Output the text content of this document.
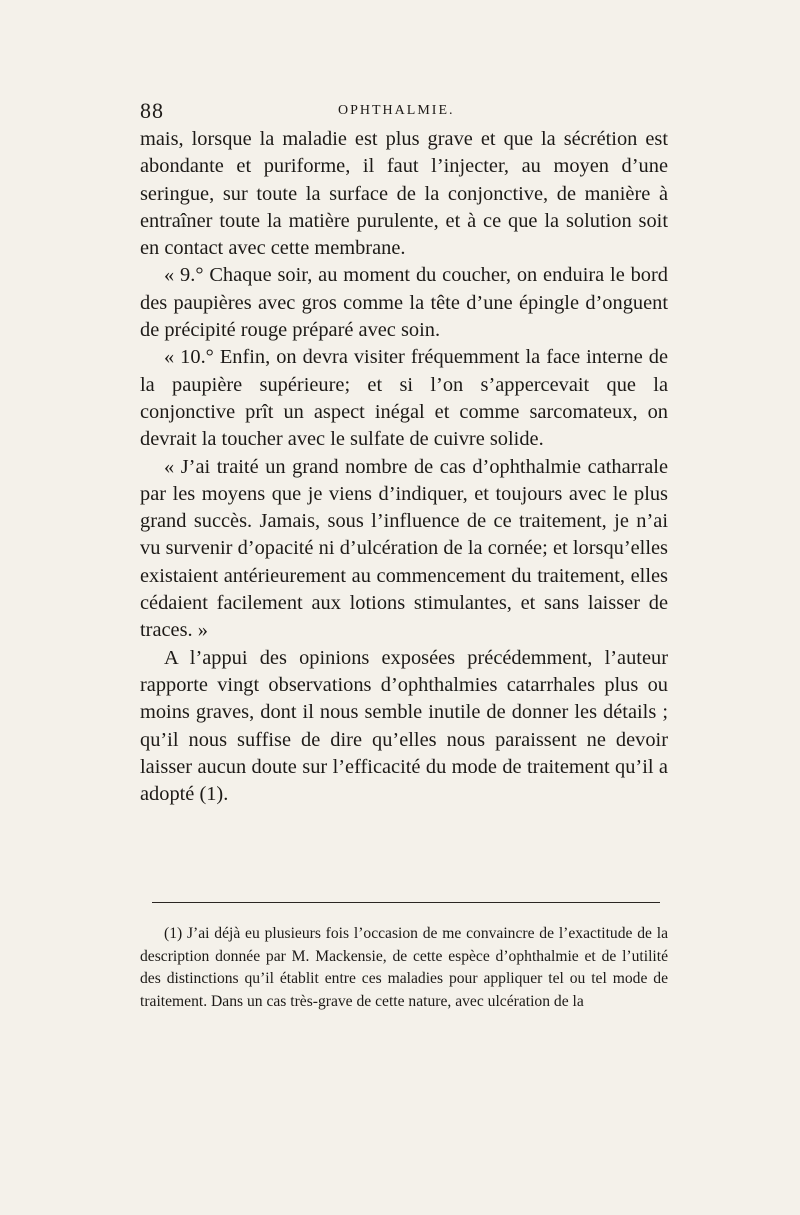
88	OPHTHALMIE.

mais, lorsque la maladie est plus grave et que la sécrétion est abondante et puriforme, il faut l’injecter, au moyen d’une seringue, sur toute la surface de la conjonctive, de manière à entraîner toute la matière purulente, et à ce que la solution soit en contact avec cette membrane.

« 9.° Chaque soir, au moment du coucher, on enduira le bord des paupières avec gros comme la tête d’une épingle d’onguent de précipité rouge préparé avec soin.

« 10.° Enfin, on devra visiter fréquemment la face interne de la paupière supérieure; et si l’on s’appercevait que la conjonctive prît un aspect inégal et comme sarcomateux, on devrait la toucher avec le sulfate de cuivre solide.

« J’ai traité un grand nombre de cas d’ophthalmie catharrale par les moyens que je viens d’indiquer, et toujours avec le plus grand succès. Jamais, sous l’influence de ce traitement, je n’ai vu survenir d’opacité ni d’ulcération de la cornée; et lorsqu’elles existaient antérieurement au commencement du traitement, elles cédaient facilement aux lotions stimulantes, et sans laisser de traces. »

A l’appui des opinions exposées précédemment, l’auteur rapporte vingt observations d’ophthalmies catarrhales plus ou moins graves, dont il nous semble inutile de donner les détails ; qu’il nous suffise de dire qu’elles nous paraissent ne devoir laisser aucun doute sur l’efficacité du mode de traitement qu’il a adopté (1).

(1) J’ai déjà eu plusieurs fois l’occasion de me convaincre de l’exactitude de la description donnée par M. Mackensie, de cette espèce d’ophthalmie et de l’utilité des distinctions qu’il établit entre ces maladies pour appliquer tel ou tel mode de traitement. Dans un cas très-grave de cette nature, avec ulcération de la
